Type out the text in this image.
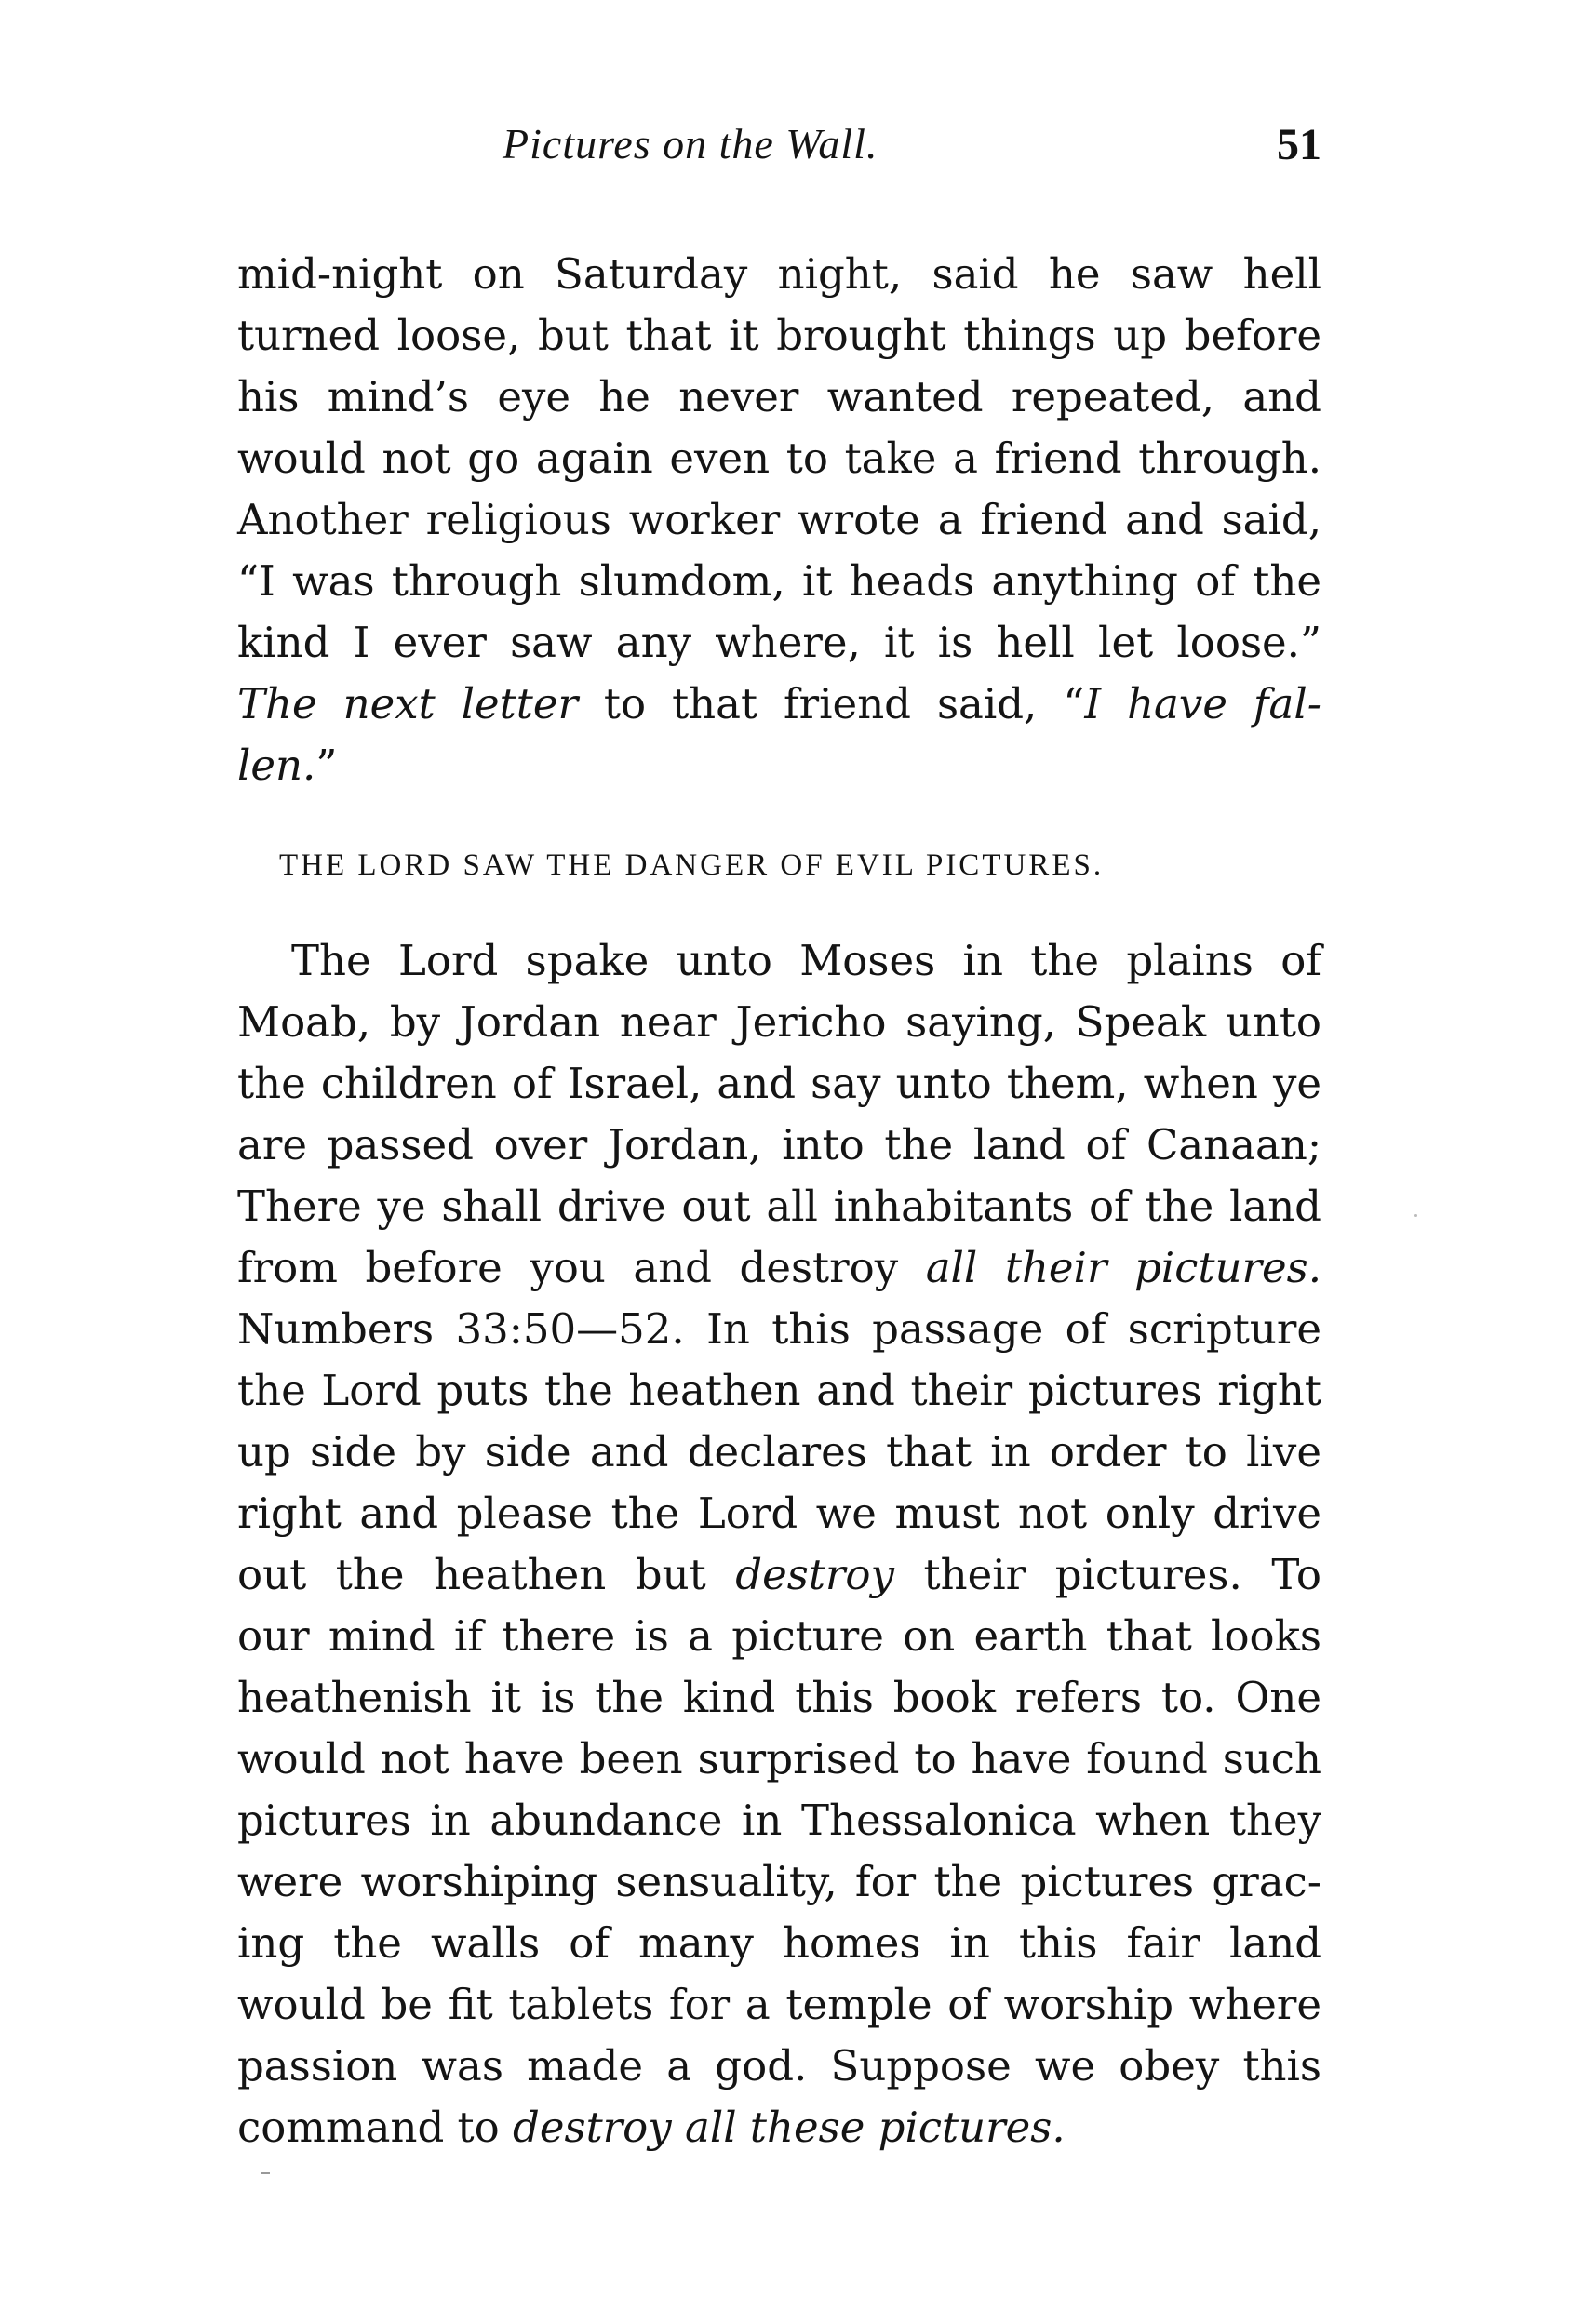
Pictures on the Wall.	51
mid-night on Saturday night, said he saw hell
turned loose, but that it brought things up before
his mind’s eye he never wanted repeated, and
would not go again even to take a friend through.
Another religious worker wrote a friend and said,
“I was through slumdom, it heads anything of the
kind I ever saw any where, it is hell let loose.”
The next letter to that friend said, “I have fal-
len.”
THE LORD SAW THE DANGER OF EVIL PICTURES.
The Lord spake unto Moses in the plains of
Moab, by Jordan near Jericho saying, Speak unto
the children of Israel, and say unto them, when ye
are passed over Jordan, into the land of Canaan;
There ye shall drive out all inhabitants of the land
from before you and destroy all their pictures.
Numbers 33:50—52. In this passage of scripture
the Lord puts the heathen and their pictures right
up side by side and declares that in order to live
right and please the Lord we must not only drive
out the heathen but destroy their pictures. To
our mind if there is a picture on earth that looks
heathenish it is the kind this book refers to. One
would not have been surprised to have found such
pictures in abundance in Thessalonica when they
were worshiping sensuality, for the pictures grac-
ing the walls of many homes in this fair land
would be fit tablets for a temple of worship where
passion was made a god. Suppose we obey this
command to destroy all these pictures.
